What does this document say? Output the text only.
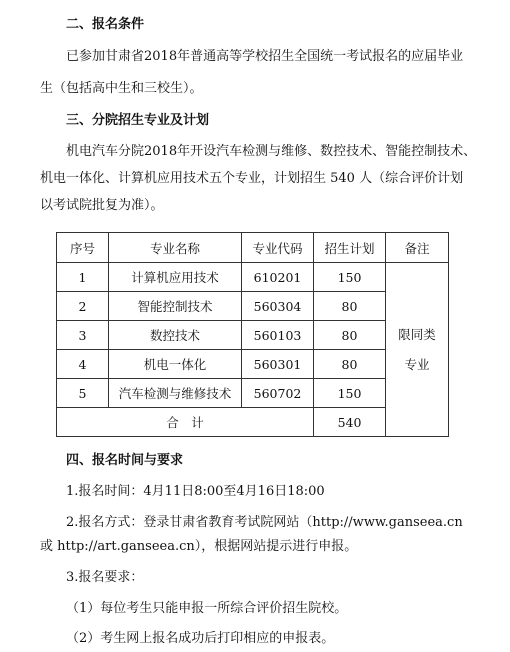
二、报名条件
已参加甘肃省2018年普通高等学校招生全国统一考试报名的应届毕业
生（包括高中生和三校生）。
三、分院招生专业及计划
机电汽车分院2018年开设汽车检测与维修、数控技术、智能控制技术、
机电一体化、计算机应用技术五个专业，计划招生 540 人（综合评价计划
以考试院批复为准）。
序号	专业名称	专业代码	招生计划	备注
1	计算机应用技术	610201	150	限同类
专业

2	智能控制技术	560304	80	
3	数控技术	560103	80	
4	机电一体化	560301	80	
5	汽车检测与维修技术	560702	150	
合　计			540	
四、报名时间与要求
1.报名时间：4月11日8:00至4月16日18:00
2.报名方式：登录甘肃省教育考试院网站（http://www.ganseea.cn
或 http://art.ganseea.cn），根据网站提示进行申报。
3.报名要求：
（1）每位考生只能申报一所综合评价招生院校。
（2）考生网上报名成功后打印相应的申报表。
